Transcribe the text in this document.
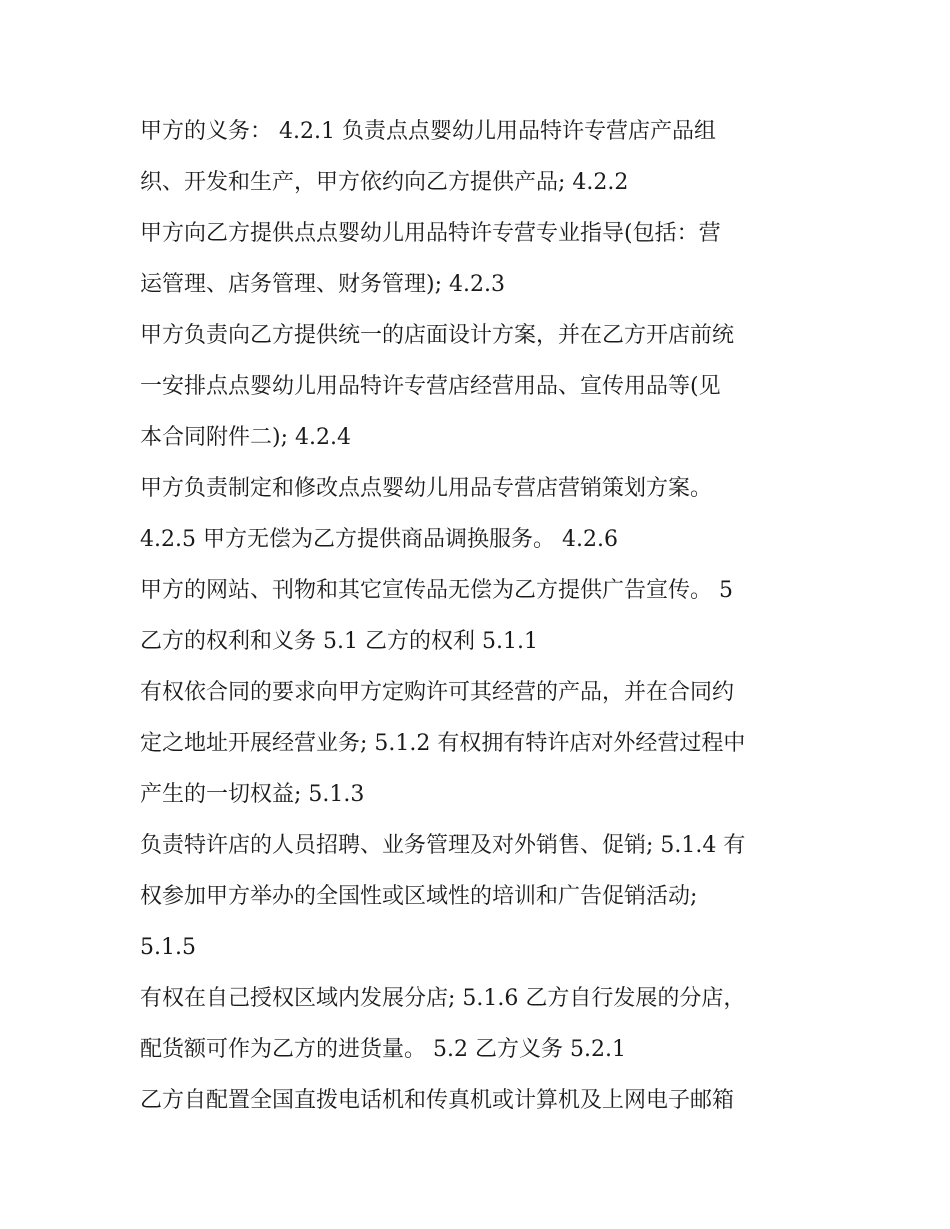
甲方的义务： 4.2.1 负责点点婴幼儿用品特许专营店产品组
织、开发和生产，甲方依约向乙方提供产品; 4.2.2
甲方向乙方提供点点婴幼儿用品特许专营专业指导(包括：营
运管理、店务管理、财务管理); 4.2.3
甲方负责向乙方提供统一的店面设计方案，并在乙方开店前统
一安排点点婴幼儿用品特许专营店经营用品、宣传用品等(见
本合同附件二); 4.2.4
甲方负责制定和修改点点婴幼儿用品专营店营销策划方案。
4.2.5 甲方无偿为乙方提供商品调换服务。 4.2.6
甲方的网站、刊物和其它宣传品无偿为乙方提供广告宣传。 5
乙方的权利和义务 5.1 乙方的权利 5.1.1
有权依合同的要求向甲方定购许可其经营的产品，并在合同约
定之地址开展经营业务; 5.1.2 有权拥有特许店对外经营过程中
产生的一切权益; 5.1.3
负责特许店的人员招聘、业务管理及对外销售、促销; 5.1.4 有
权参加甲方举办的全国性或区域性的培训和广告促销活动;
5.1.5
有权在自己授权区域内发展分店; 5.1.6 乙方自行发展的分店，
配货额可作为乙方的进货量。 5.2 乙方义务 5.2.1
乙方自配置全国直拨电话机和传真机或计算机及上网电子邮箱
